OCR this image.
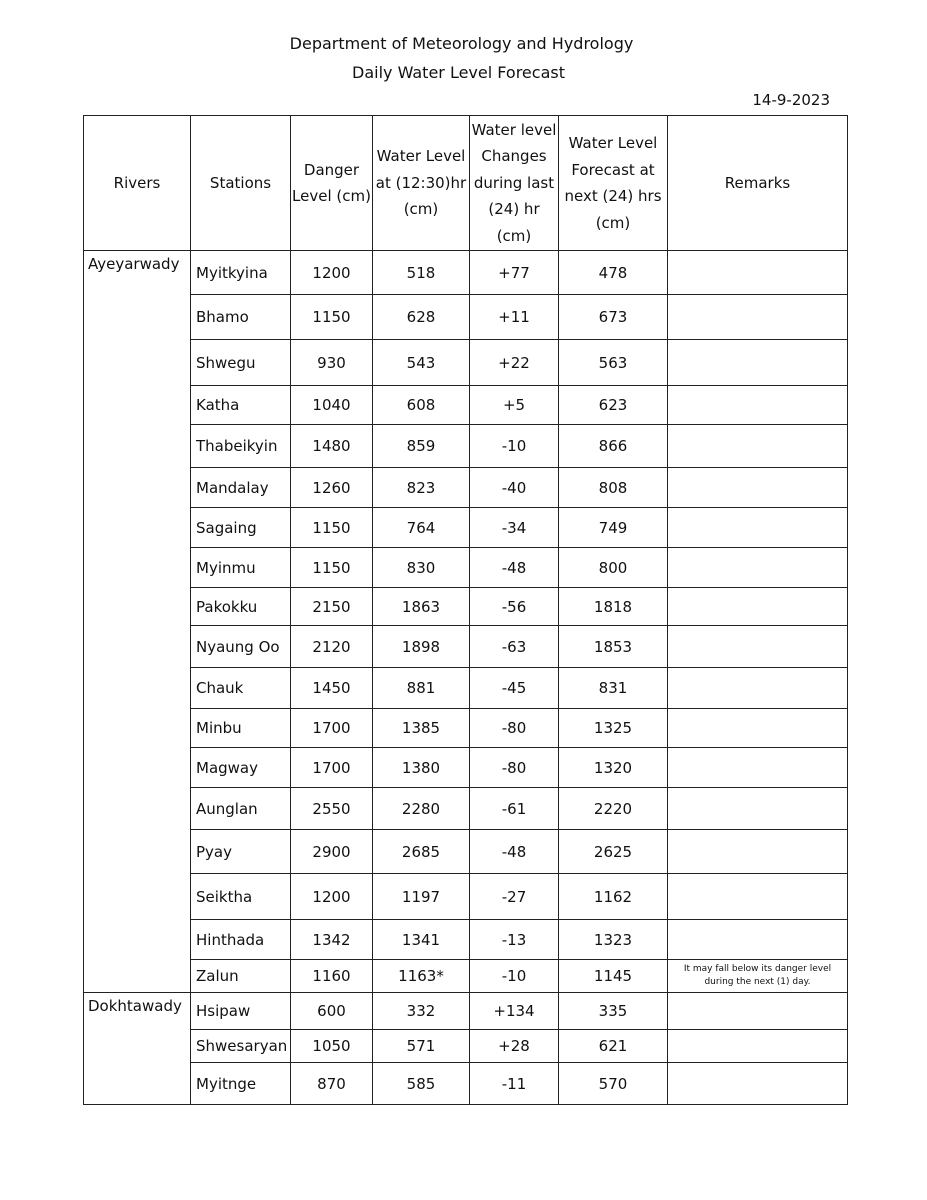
Department of Meteorology and Hydrology
Daily Water Level Forecast
14-9-2023
Rivers	Stations	Danger Level (cm)	Water Level at (12:30)hr (cm)	Water level Changes during last (24) hr (cm)	Water Level Forecast at next (24) hrs (cm)	Remarks
Ayeyarwady	Myitkyina	1200	518	+77	478	
	Bhamo	1150	628	+11	673	
	Shwegu	930	543	+22	563	
	Katha	1040	608	+5	623	
	Thabeikyin	1480	859	-10	866	
	Mandalay	1260	823	-40	808	
	Sagaing	1150	764	-34	749	
	Myinmu	1150	830	-48	800	
	Pakokku	2150	1863	-56	1818	
	Nyaung Oo	2120	1898	-63	1853	
	Chauk	1450	881	-45	831	
	Minbu	1700	1385	-80	1325	
	Magway	1700	1380	-80	1320	
	Aunglan	2550	2280	-61	2220	
	Pyay	2900	2685	-48	2625	
	Seiktha	1200	1197	-27	1162	
	Hinthada	1342	1341	-13	1323	
	Zalun	1160	1163*	-10	1145	It may fall below its danger level during the next (1) day.
Dokhtawady	Hsipaw	600	332	+134	335	
	Shwesaryan	1050	571	+28	621	
	Myitnge	870	585	-11	570	
